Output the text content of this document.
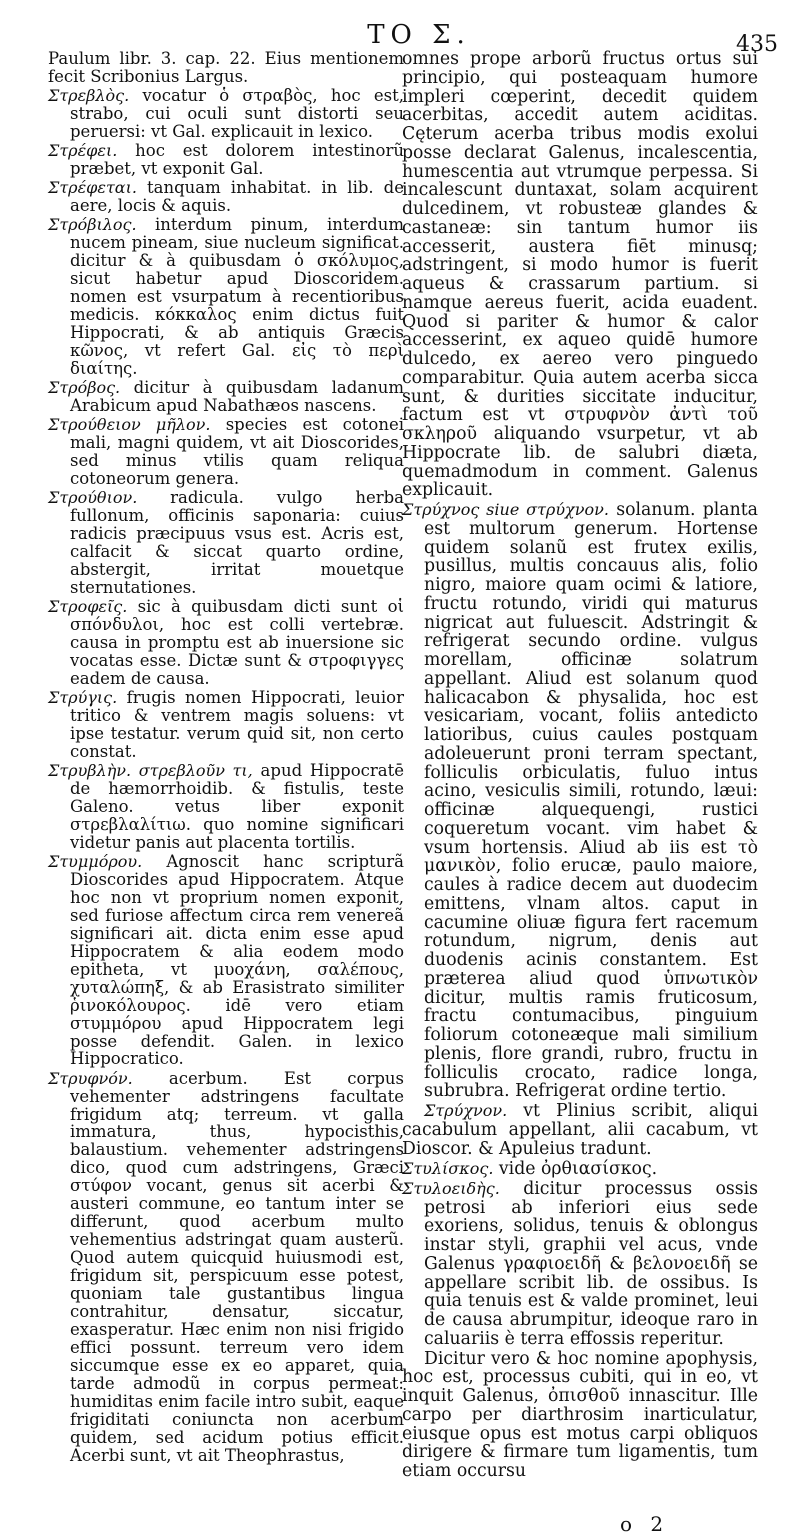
ΤΟ Σ.	435

Paulum libr. 3. cap. 22. Eius mentionem fecit Scribonius Largus.

Στρεβλὸς. vocatur ὁ στραβὸς, hoc est, strabo, cui oculi sunt distorti seu peruersi: vt Gal. explicauit in lexico.

Στρέφει. hoc est dolorem intestinorũ præbet, vt exponit Gal.

Στρέφεται. tanquam inhabitat. in lib. de aere, locis & aquis.

Στρόβιλος. interdum pinum, interdum nucem pineam, siue nucleum significat. dicitur & à quibusdam ὁ σκόλυμος, sicut habetur apud Dioscoridem. nomen est vsurpatum à recentioribus medicis. κόκκαλος enim dictus fuit Hippocrati, & ab antiquis Græcis κῶνος, vt refert Gal. εἰς τὸ περὶ διαίτης.

Στρόβος. dicitur à quibusdam ladanum Arabicum apud Nabathæos nascens.

Στρούθειον μῆλον. species est cotonei mali, magni quidem, vt ait Dioscorides, sed minus vtilis quam reliqua cotoneorum genera.

Στρούθιον. radicula. vulgo herba fullonum, officinis saponaria: cuius radicis præcipuus vsus est. Acris est, calfacit & siccat quarto ordine, abstergit, irritat mouetque sternutationes.

Στροφεῖς. sic à quibusdam dicti sunt οἱ σπόνδυλοι, hoc est colli vertebræ. causa in promptu est ab inuersione sic vocatas esse. Dictæ sunt & στροφιγγες eadem de causa.

Στρύγις. frugis nomen Hippocrati, leuior tritico & ventrem magis soluens: vt ipse testatur. verum quid sit, non certo constat.

Στρυβλὴν. στρεβλοῦν τι, apud Hippocratē de hæmorrhoidib. & fistulis, teste Galeno. vetus liber exponit στρεβλαλίτιω. quo nomine significari videtur panis aut placenta tortilis.

Στυμμόρου. Agnoscit hanc scripturã Dioscorides apud Hippocratem. Atque hoc non vt proprium nomen exponit, sed furiose affectum circa rem venereã significari ait. dicta enim esse apud Hippocratem & alia eodem modo epitheta, vt μυοχάνη, σαλέπους, χυταλώπηξ, & ab Erasistrato similiter ῥινοκόλουρος. idē vero etiam στυμμόρου apud Hippocratem legi posse defendit. Galen. in lexico Hippocratico.

Στρυφνόν. acerbum. Est corpus vehementer adstringens facultate frigidum atq; terreum. vt galla immatura, thus, hypocisthis, balaustium. vehementer adstringens dico, quod cum adstringens, Græci στύφον vocant, genus sit acerbi & austeri commune, eo tantum inter se differunt, quod acerbum multo vehementius adstringat quam austerũ. Quod autem quicquid huiusmodi est, frigidum sit, perspicuum esse potest, quoniam tale gustantibus lingua contrahitur, densatur, siccatur, exasperatur. Hæc enim non nisi frigido effici possunt. terreum vero idem siccumque esse ex eo apparet, quia tarde admodũ in corpus permeat: humiditas enim facile intro subit, eaque frigiditati coniuncta non acerbum quidem, sed acidum potius efficit. Acerbi sunt, vt ait Theophrastus,

omnes prope arborũ fructus ortus sui principio, qui posteaquam humore impleri cœperint, decedit quidem acerbitas, accedit autem aciditas. Cęterum acerba tribus modis exolui posse declarat Galenus, incalescentia, humescentia aut vtrumque perpessa. Si incalescunt duntaxat, solam acquirent dulcedinem, vt robusteæ glandes & castaneæ: sin tantum humor iis accesserit, austera fiēt minusq; adstringent, si modo humor is fuerit aqueus & crassarum partium. si namque aereus fuerit, acida euadent. Quod si pariter & humor & calor accesserint, ex aqueo quidē humore dulcedo, ex aereo vero pinguedo comparabitur. Quia autem acerba sicca sunt, & durities siccitate inducitur, factum est vt στρυφνὸν ἀντὶ τοῦ σκληροῦ aliquando vsurpetur, vt ab Hippocrate lib. de salubri diæta, quemadmodum in comment. Galenus explicauit.

Στρύχνος siue στρύχνον. solanum. planta est multorum generum. Hortense quidem solanũ est frutex exilis, pusillus, multis concauus alis, folio nigro, maiore quam ocimi & latiore, fructu rotundo, viridi qui maturus nigricat aut fuluescit. Adstringit & refrigerat secundo ordine. vulgus morellam, officinæ solatrum appellant. Aliud est solanum quod halicacabon & physalida, hoc est vesicariam, vocant, foliis antedicto latioribus, cuius caules postquam adoleuerunt proni terram spectant, folliculis orbiculatis, fuluo intus acino, vesiculis simili, rotundo, læui: officinæ alquequengi, rustici coqueretum vocant. vim habet & vsum hortensis. Aliud ab iis est τὸ μανικὸν, folio erucæ, paulo maiore, caules à radice decem aut duodecim emittens, vlnam altos. caput in cacumine oliuæ figura fert racemum rotundum, nigrum, denis aut duodenis acinis constantem. Est præterea aliud quod ὑπνωτικὸν dicitur, multis ramis fruticosum, fractu contumacibus, pinguium foliorum cotoneæque mali similium plenis, flore grandi, rubro, fructu in folliculis crocato, radice longa, subrubra. Refrigerat ordine tertio.

Στρύχνον. vt Plinius scribit, aliqui cacabulum appellant, alii cacabum, vt Dioscor. & Apuleius tradunt.

Στυλίσκος. vide ὀρθιασίσκος.

Στυλοειδὴς. dicitur processus ossis petrosi ab inferiori eius sede exoriens, solidus, tenuis & oblongus instar styli, graphii vel acus, vnde Galenus γραφιοειδῆ & βελονοειδῆ se appellare scribit lib. de ossibus. Is quia tenuis est & valde prominet, leui de causa abrumpitur, ideoque raro in caluariis è terra effossis reperitur.

Dicitur vero & hoc nomine apophysis, hoc est, processus cubiti, qui in eo, vt inquit Galenus, ὀπισθοῦ innascitur. Ille carpo per diarthrosim inarticulatur, eiusque opus est motus carpi obliquos dirigere & firmare tum ligamentis, tum etiam occursu

o 2
